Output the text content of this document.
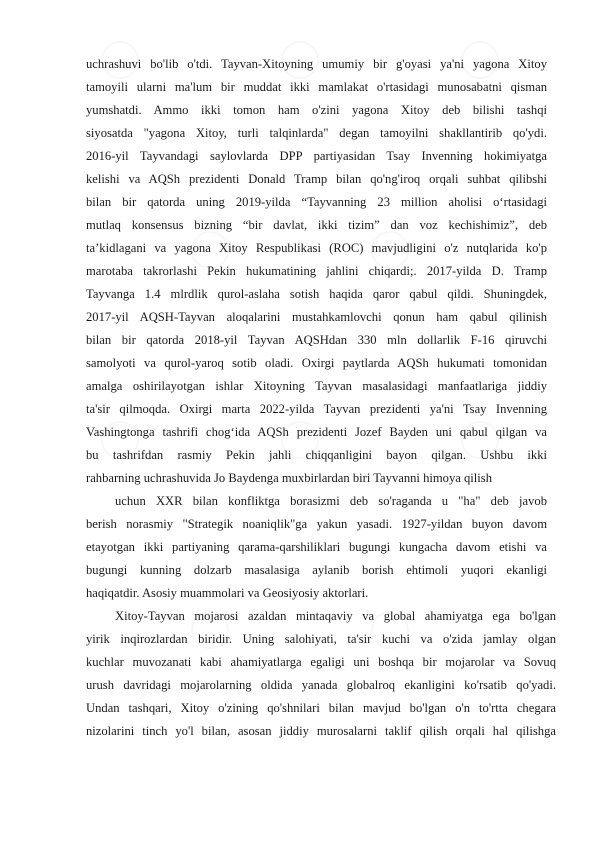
uchrashuvi bo'lib o'tdi. Tayvan-Xitoyning umumiy bir g'oyasi ya'ni yagona Xitoy
tamoyili ularni ma'lum bir muddat ikki mamlakat o'rtasidagi munosabatni qisman
yumshatdi. Ammo ikki tomon ham o'zini yagona Xitoy deb bilishi tashqi
siyosatda "yagona Xitoy, turli talqinlarda" degan tamoyilni shakllantirib qo'ydi.
2016-yil Tayvandagi saylovlarda DPP partiyasidan Tsay Invenning hokimiyatga
kelishi va AQSh prezidenti Donald Tramp bilan qo'ng'iroq orqali suhbat qilibshi
bilan bir qatorda uning 2019-yilda “Tayvanning 23 million aholisi o‘rtasidagi
mutlaq konsensus bizning “bir davlat, ikki tizim” dan voz kechishimiz”, deb
ta’kidlagani va yagona Xitoy Respublikasi (ROC) mavjudligini o'z nutqlarida ko'p
marotaba takrorlashi Pekin hukumatining jahlini chiqardi;. 2017-yilda D. Tramp
Tayvanga 1.4 mlrdlik qurol-aslaha sotish haqida qaror qabul qildi. Shuningdek,
2017-yil AQSH-Tayvan aloqalarini mustahkamlovchi qonun ham qabul qilinish
bilan bir qatorda 2018-yil Tayvan AQSHdan 330 mln dollarlik F-16 qiruvchi
samolyoti va qurol-yaroq sotib oladi. Oxirgi paytlarda AQSh hukumati tomonidan
amalga oshirilayotgan ishlar Xitoyning Tayvan masalasidagi manfaatlariga jiddiy
ta'sir qilmoqda. Oxirgi marta 2022-yilda Tayvan prezidenti ya'ni Tsay Invenning
Vashingtonga tashrifi chog‘ida AQSh prezidenti Jozef Bayden uni qabul qilgan va
bu tashrifdan rasmiy Pekin jahli chiqqanligini bayon qilgan. Ushbu ikki
rahbarning uchrashuvida Jo Baydenga muxbirlardan biri Tayvanni himoya qilish
uchun XXR bilan konfliktga borasizmi deb so'raganda u "ha" deb javob
berish norasmiy "Strategik noaniqlik"ga yakun yasadi. 1927-yildan buyon davom
etayotgan ikki partiyaning qarama-qarshiliklari bugungi kungacha davom etishi va
bugungi kunning dolzarb masalasiga aylanib borish ehtimoli yuqori ekanligi
haqiqatdir. Asosiy muammolari va Geosiyosiy aktorlari.
Xitoy-Tayvan mojarosi azaldan mintaqaviy va global ahamiyatga ega bo'lgan
yirik inqirozlardan biridir. Uning salohiyati, ta'sir kuchi va o'zida jamlay olgan
kuchlar muvozanati kabi ahamiyatlarga egaligi uni boshqa bir mojarolar va Sovuq
urush davridagi mojarolarning oldida yanada globalroq ekanligini ko'rsatib qo'yadi.
Undan tashqari, Xitoy o'zining qo'shnilari bilan mavjud bo'lgan o'n to'rtta chegara
nizolarini tinch yo'l bilan, asosan jiddiy murosalarni taklif qilish orqali hal qilishga
